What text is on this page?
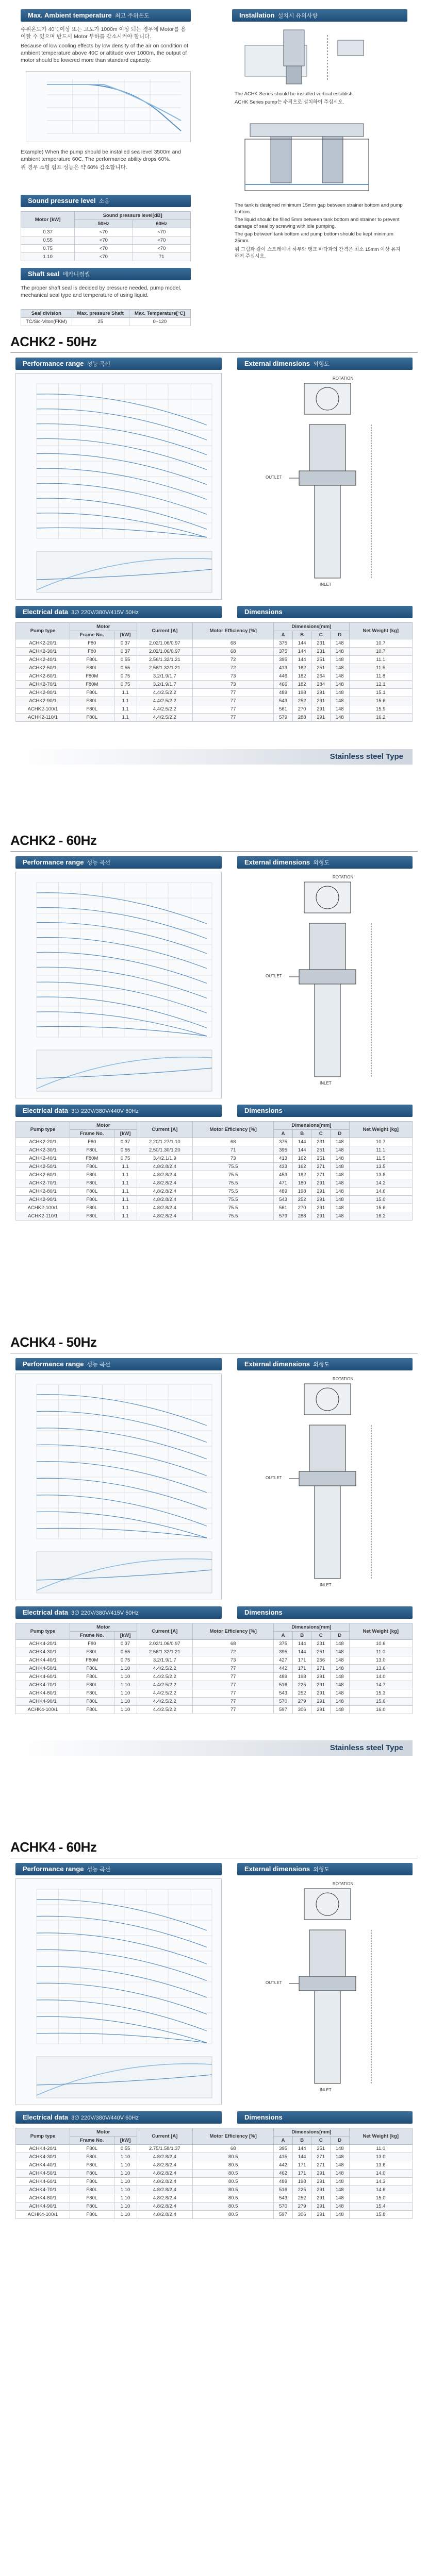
Max. Ambient temperature 최고 주위온도
주위온도가 40℃이상 또는 고도가 1000m 이상 되는 경우에 Motor를 용이할 수 있으며 반드시 Motor 부하를 감소시켜야 합니다.
Because of low cooling effects by low density of the air on condition of ambient temperature above 40C or altitude over 1000m, the output of motor should be lowered more than standard capacity.
Example) When the pump should be installed sea level 3500m and ambient temperature 60C, The performance ability drops 60%.
위 경우 소형 펌프 성능은 약 60% 감소합니다.
Sound pressure level 소음
Motor [kW]	Sound pressure level[dB]	
	50Hz	60Hz
0.37	<70	<70
0.55	<70	<70
0.75	<70	<70
1.10	<70	71
Shaft seal 메카니컬씰
The proper shaft seal is decided by pressure needed, pump model, mechanical seal type and temperature of using liquid.
Seal division	Max. pressure Shaft	Max. Temperature[°C]
TC/Sic-Viton(FKM)	25	0~120
Installation 설치시 유의사항
The ACHK Series should be installed vertical establish.
ACHK Series pump는 수직으로 설치하여 주십시오.
The tank is designed minimum 15mm gap between strainer bottom and pump bottom.
The liquid should be filled 5mm between tank bottom and strainer to prevent damage of seal by screwing with idle pumping.
The gap between tank bottom and pump bottom should be kept minimum 25mm.
위 그림과 같이 스트레이너 하부와 탱크 바닥과의 간격은 최소 15mm 이상 유지하여 주십시오.
ACHK2 - 50Hz
Performance range 성능 곡선	External dimensions 외형도
ROTATION
OUTLET
INLET
Electrical data 3∅ 220V/380V/415V 50Hz	Dimensions
Pump type	Motor		Current [A]	Motor Efficiency [%]	Dimensions[mm]				Net Weight [kg]
	Frame No.	[kW]			A	B	C	D	
ACHK2-20/1	F80	0.37	2.02/1.06/0.97	68	375	144	231	148	10.7
ACHK2-30/1	F80	0.37	2.02/1.06/0.97	68	375	144	231	148	10.7
ACHK2-40/1	F80L	0.55	2.56/1.32/1.21	72	395	144	251	148	11.1
ACHK2-50/1	F80L	0.55	2.56/1.32/1.21	72	413	162	251	148	11.5
ACHK2-60/1	F80M	0.75	3.2/1.9/1.7	73	446	182	264	148	11.8
ACHK2-70/1	F80M	0.75	3.2/1.9/1.7	73	466	182	284	148	12.1
ACHK2-80/1	F80L	1.1	4.4/2.5/2.2	77	489	198	291	148	15.1
ACHK2-90/1	F80L	1.1	4.4/2.5/2.2	77	543	252	291	148	15.6
ACHK2-100/1	F80L	1.1	4.4/2.5/2.2	77	561	270	291	148	15.9
ACHK2-110/1	F80L	1.1	4.4/2.5/2.2	77	579	288	291	148	16.2
Stainless steel Type
ACHK2 - 60Hz
Performance range 성능 곡선	External dimensions 외형도
ROTATION
OUTLET
INLET
Electrical data 3∅ 220V/380V/440V 60Hz	Dimensions
Pump type	Motor		Current [A]	Motor Efficiency [%]	Dimensions[mm]				Net Weight [kg]
	Frame No.	[kW]			A	B	C	D	
ACHK2-20/1	F80	0.37	2.20/1.27/1.10	68	375	144	231	148	10.7
ACHK2-30/1	F80L	0.55	2.50/1.30/1.20	71	395	144	251	148	11.1
ACHK2-40/1	F80M	0.75	3.4/2.1/1.9	73	413	162	251	148	11.5
ACHK2-50/1	F80L	1.1	4.8/2.8/2.4	75.5	433	162	271	148	13.5
ACHK2-60/1	F80L	1.1	4.8/2.8/2.4	75.5	453	182	271	148	13.8
ACHK2-70/1	F80L	1.1	4.8/2.8/2.4	75.5	471	180	291	148	14.2
ACHK2-80/1	F80L	1.1	4.8/2.8/2.4	75.5	489	198	291	148	14.6
ACHK2-90/1	F80L	1.1	4.8/2.8/2.4	75.5	543	252	291	148	15.0
ACHK2-100/1	F80L	1.1	4.8/2.8/2.4	75.5	561	270	291	148	15.6
ACHK2-110/1	F80L	1.1	4.8/2.8/2.4	75.5	579	288	291	148	16.2
ACHK4 - 50Hz
Performance range 성능 곡선	External dimensions 외형도
ROTATION
OUTLET
INLET
Electrical data 3∅ 220V/380V/415V 50Hz	Dimensions
Pump type	Motor		Current [A]	Motor Efficiency [%]	Dimensions[mm]				Net Weight [kg]
	Frame No.	[kW]			A	B	C	D	
ACHK4-20/1	F80	0.37	2.02/1.06/0.97	68	375	144	231	148	10.6
ACHK4-30/1	F80L	0.55	2.56/1.32/1.21	72	395	144	251	148	11.0
ACHK4-40/1	F80M	0.75	3.2/1.9/1.7	73	427	171	256	148	13.0
ACHK4-50/1	F80L	1.10	4.4/2.5/2.2	77	442	171	271	148	13.6
ACHK4-60/1	F80L	1.10	4.4/2.5/2.2	77	489	198	291	148	14.0
ACHK4-70/1	F80L	1.10	4.4/2.5/2.2	77	516	225	291	148	14.7
ACHK4-80/1	F80L	1.10	4.4/2.5/2.2	77	543	252	291	148	15.3
ACHK4-90/1	F80L	1.10	4.4/2.5/2.2	77	570	279	291	148	15.6
ACHK4-100/1	F80L	1.10	4.4/2.5/2.2	77	597	306	291	148	16.0
Stainless steel Type
ACHK4 - 60Hz
Performance range 성능 곡선	External dimensions 외형도
ROTATION
OUTLET
INLET
Electrical data 3∅ 220V/380V/440V 60Hz	Dimensions
Pump type	Motor		Current [A]	Motor Efficiency [%]	Dimensions[mm]				Net Weight [kg]
	Frame No.	[kW]			A	B	C	D	
ACHK4-20/1	F80L	0.55	2.75/1.58/1.37	68	395	144	251	148	11.0
ACHK4-30/1	F80L	1.10	4.8/2.8/2.4	80.5	415	144	271	148	13.0
ACHK4-40/1	F80L	1.10	4.8/2.8/2.4	80.5	442	171	271	148	13.6
ACHK4-50/1	F80L	1.10	4.8/2.8/2.4	80.5	462	171	291	148	14.0
ACHK4-60/1	F80L	1.10	4.8/2.8/2.4	80.5	489	198	291	148	14.3
ACHK4-70/1	F80L	1.10	4.8/2.8/2.4	80.5	516	225	291	148	14.6
ACHK4-80/1	F80L	1.10	4.8/2.8/2.4	80.5	543	252	291	148	15.0
ACHK4-90/1	F80L	1.10	4.8/2.8/2.4	80.5	570	279	291	148	15.4
ACHK4-100/1	F80L	1.10	4.8/2.8/2.4	80.5	597	306	291	148	15.8
